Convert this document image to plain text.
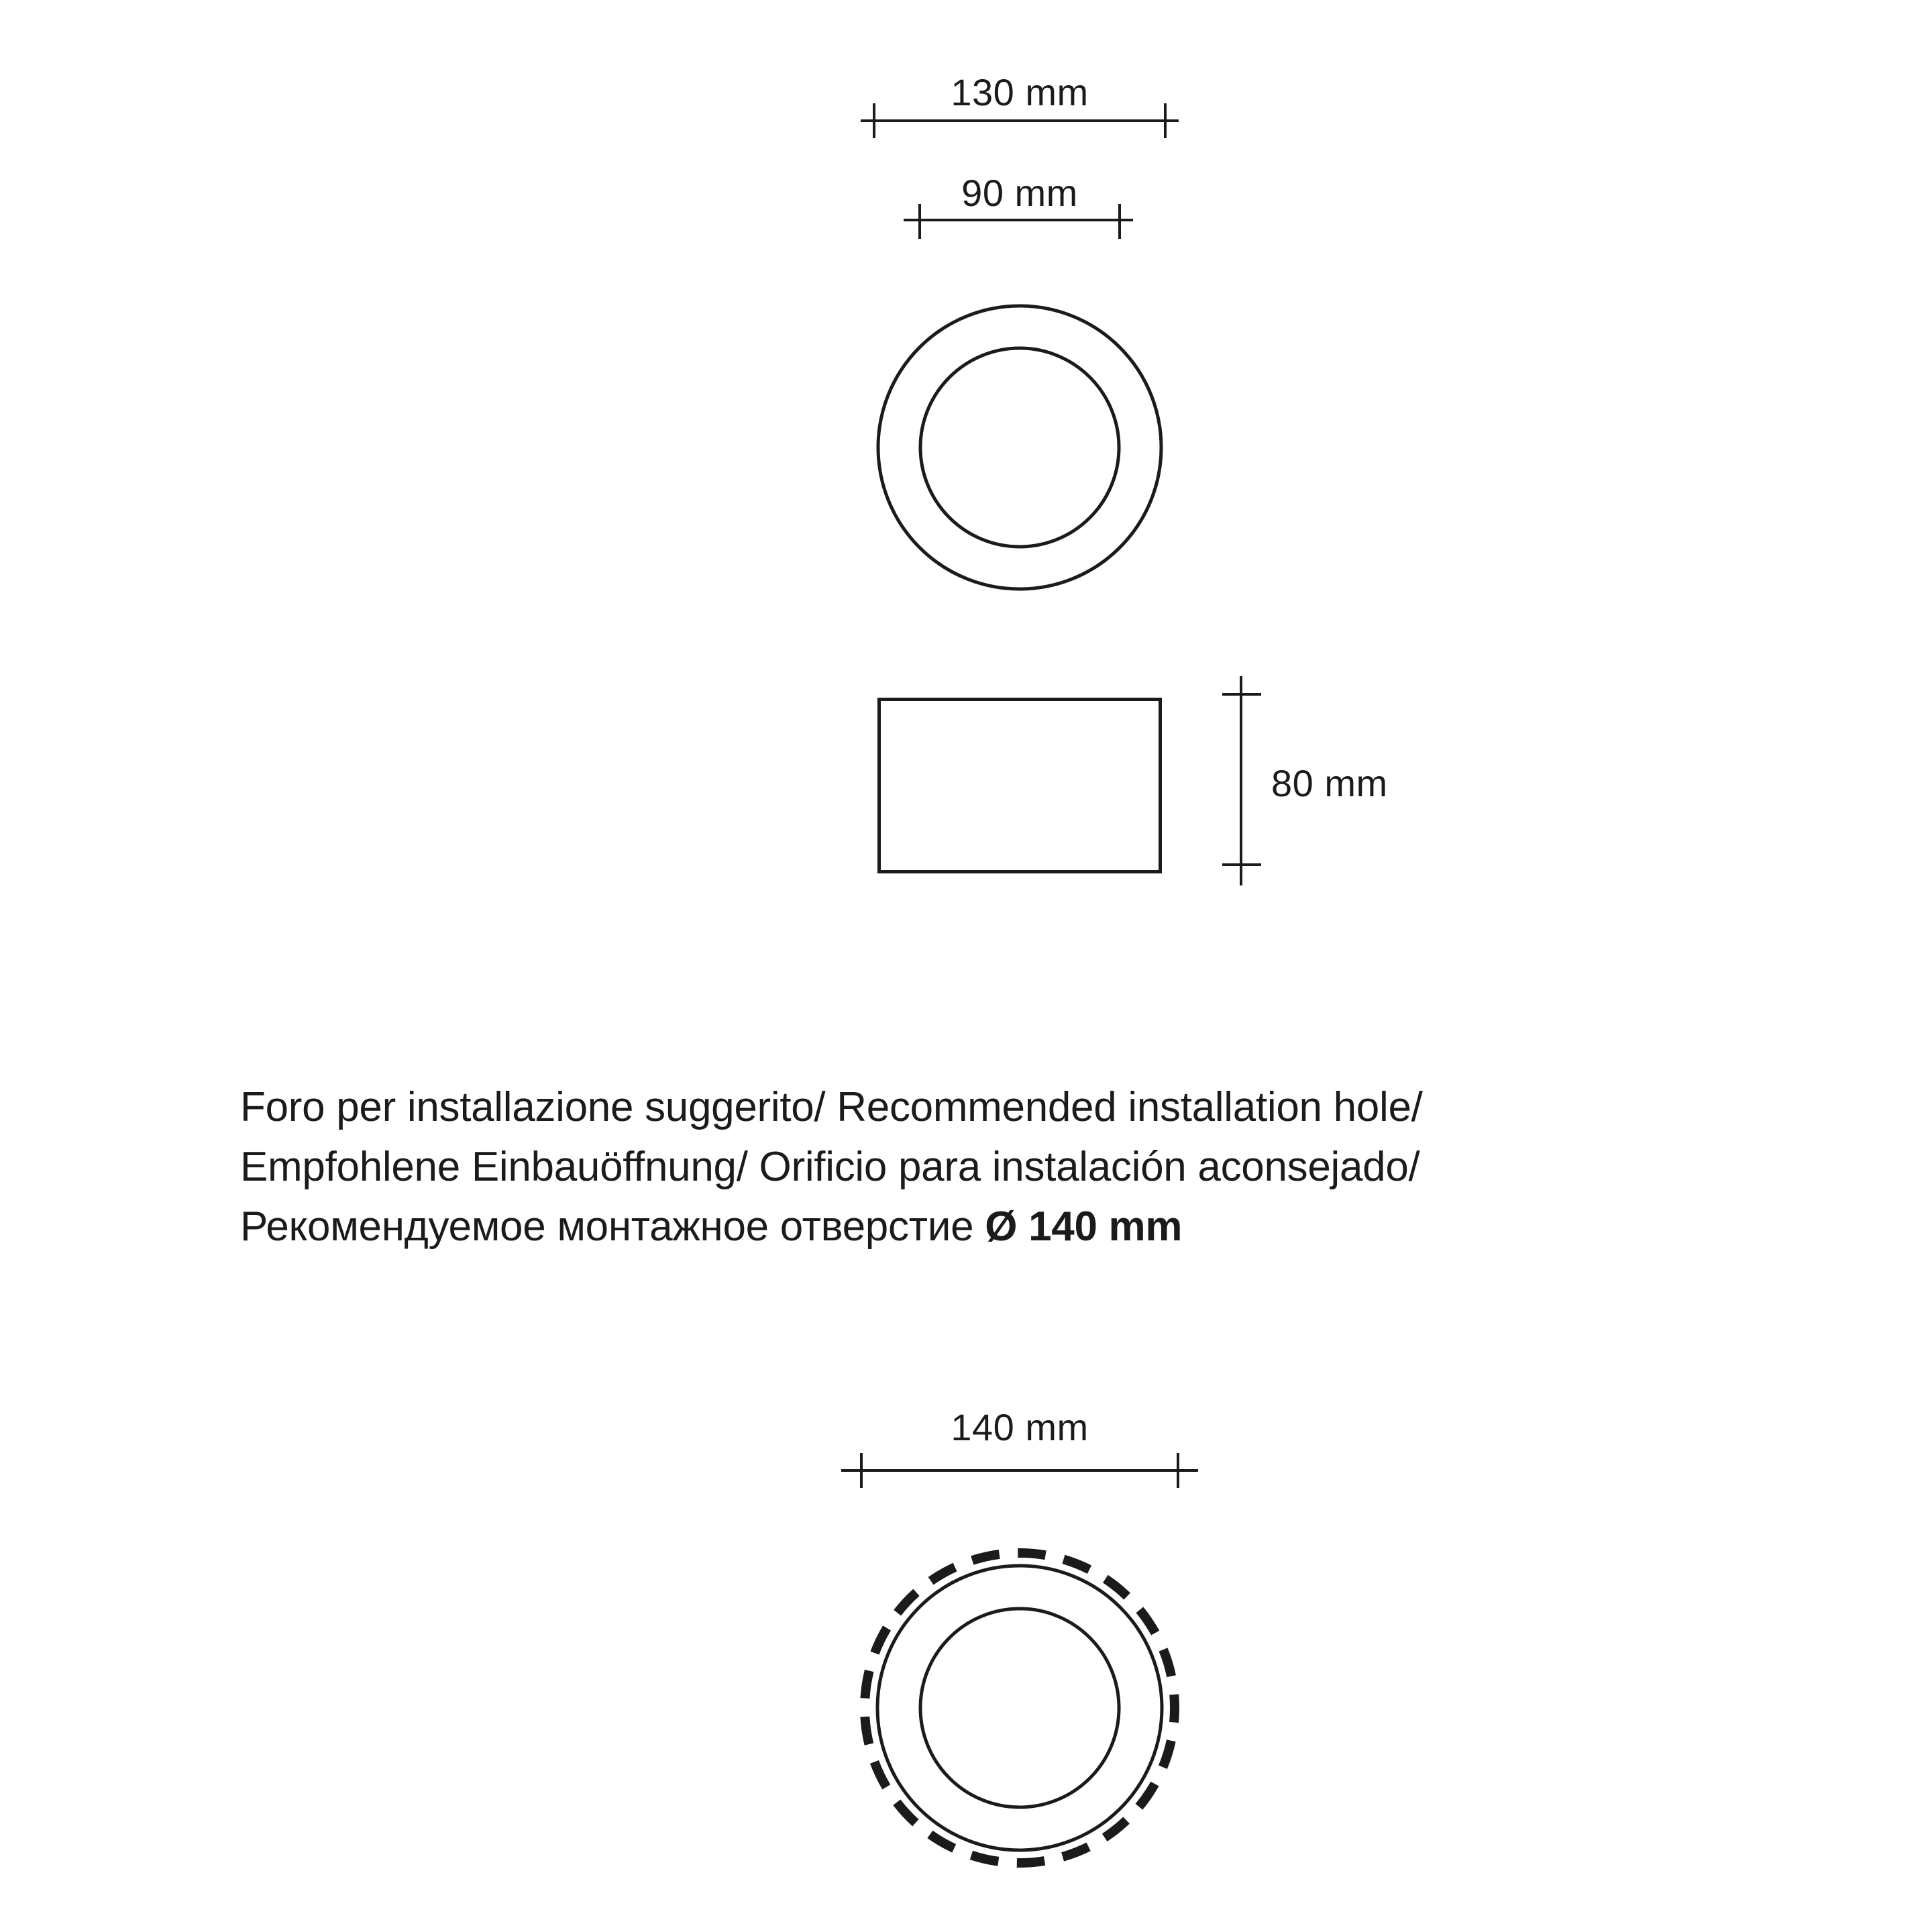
130 mm
90 mm
80 mm
Foro per installazione suggerito/ Recommended installation hole/
Empfohlene Einbauöffnung/ Orificio para instalación aconsejado/
Рекомендуемое монтажное отверстие Ø 140 mm
140 mm
